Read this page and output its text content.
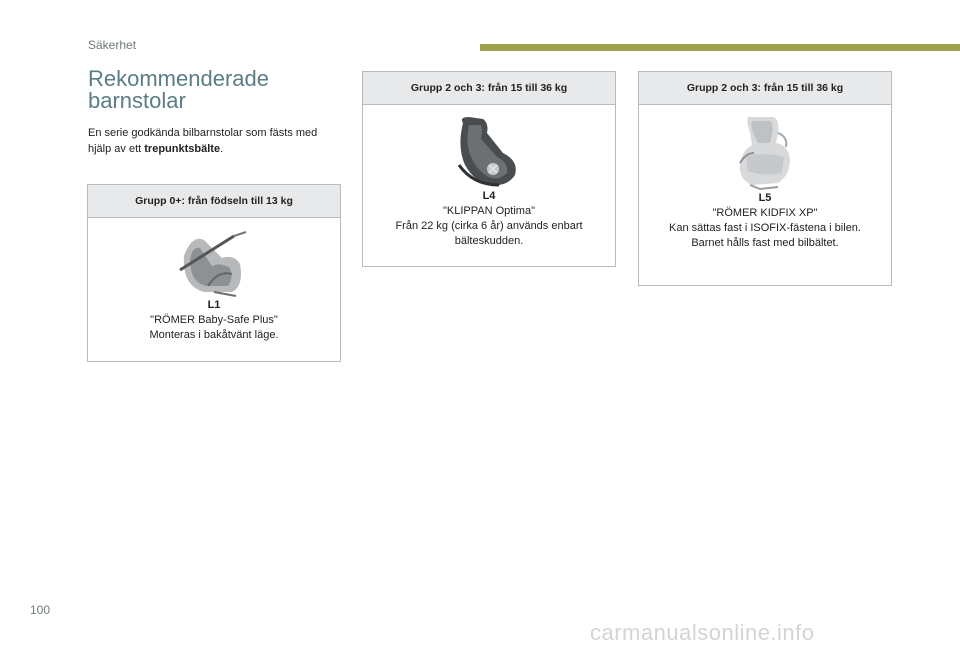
Säkerhet
Rekommenderade barnstolar
En serie godkända bilbarnstolar som fästs med hjälp av ett trepunktsbälte.
Grupp 0+: från födseln till 13 kg
L1
"RÖMER Baby-Safe Plus"
Monteras i bakåtvänt läge.
Grupp 2 och 3: från 15 till 36 kg
L4
"KLIPPAN Optima"
Från 22 kg (cirka 6 år) används enbart
bälteskudden.
Grupp 2 och 3: från 15 till 36 kg
L5
"RÖMER KIDFIX XP"
Kan sättas fast i ISOFIX-fästena i bilen.
Barnet hålls fast med bilbältet.
100
carmanualsonline.info
